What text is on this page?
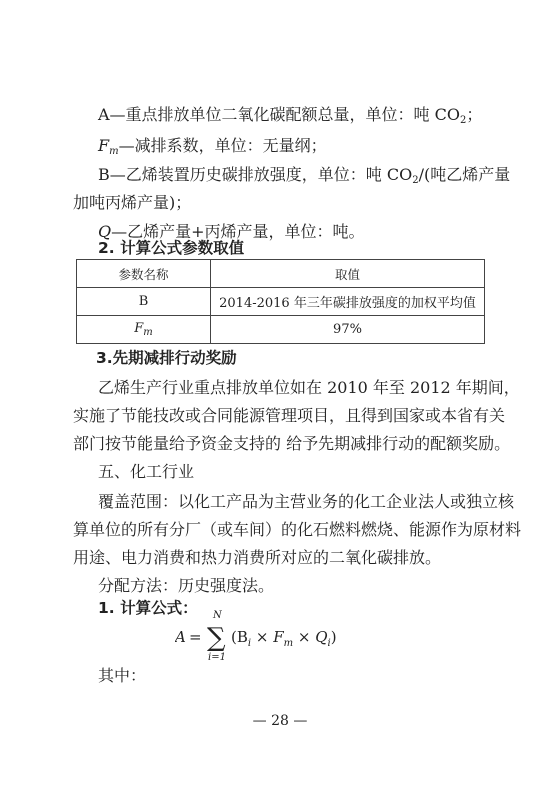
A—重点排放单位二氧化碳配额总量，单位：吨 $CO_2$；
$F_m—$减排系数，单位：无量纲；
B—乙烯装置历史碳排放强度，单位：吨 $CO_2/$(吨乙烯产量
加吨丙烯产量)；
Q—乙烯产量+丙烯产量，单位：吨。
2. 计算公式参数取值
参数名称	取值
B	2014-2016 年三年碳排放强度的加权平均值
$F_m$	97%
3.先期减排行动奖励
乙烯生产行业重点排放单位如在 2010 年至 2012 年期间，
实施了节能技改或合同能源管理项目，且得到国家或本省有关
部门按节能量给予资金支持的 给予先期减排行动的配额奖励。
五、化工行业
覆盖范围：以化工产品为主营业务的化工企业法人或独立核
算单位的所有分厂（或车间）的化石燃料燃烧、能源作为原材料
用途、电力消费和热力消费所对应的二氧化碳排放。
分配方法：历史强度法。
1. 计算公式：
A =
N
∑
i=1
$(B_i \times F_m \times Q_i)$
其中：
— 28 —
